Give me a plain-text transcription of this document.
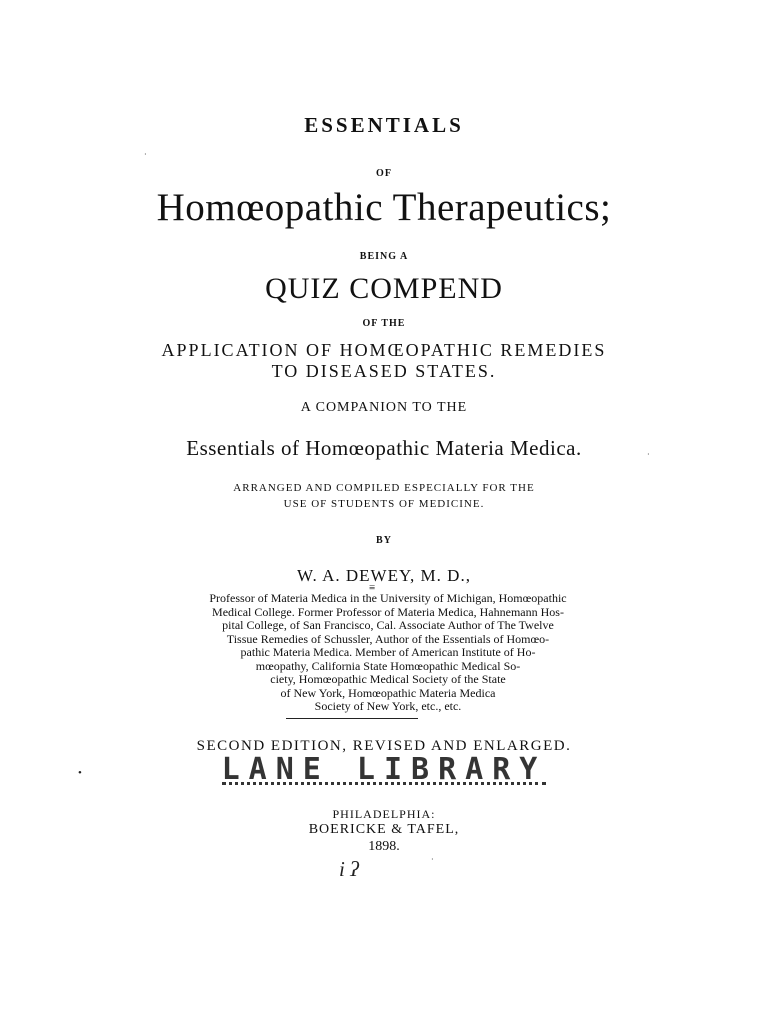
ESSENTIALS
OF
Homœopathic Therapeutics;
BEING A
QUIZ COMPEND
OF THE
APPLICATION OF HOMŒOPATHIC REMEDIES
TO DISEASED STATES.
A COMPANION TO THE
Essentials of Homœopathic Materia Medica.
ARRANGED AND COMPILED ESPECIALLY FOR THE
USE OF STUDENTS OF MEDICINE.
BY
W. A. DEWEY, M. D.,
≡
Professor of Materia Medica in the University of Michigan, Homœopathic
Medical College. Former Professor of Materia Medica, Hahnemann Hos-
pital College, of San Francisco, Cal. Associate Author of The Twelve
Tissue Remedies of Schussler, Author of the Essentials of Homœo-
pathic Materia Medica. Member of American Institute of Ho-
mœopathy, California State Homœopathic Medical So-
ciety, Homœopathic Medical Society of the State
of New York, Homœopathic Materia Medica
Society of New York, etc., etc.
SECOND EDITION, REVISED AND ENLARGED.
LANE LIBRARY
PHILADELPHIA:
BOERICKE & TAFEL,
1898.
•
·
·
·
i ʔ
